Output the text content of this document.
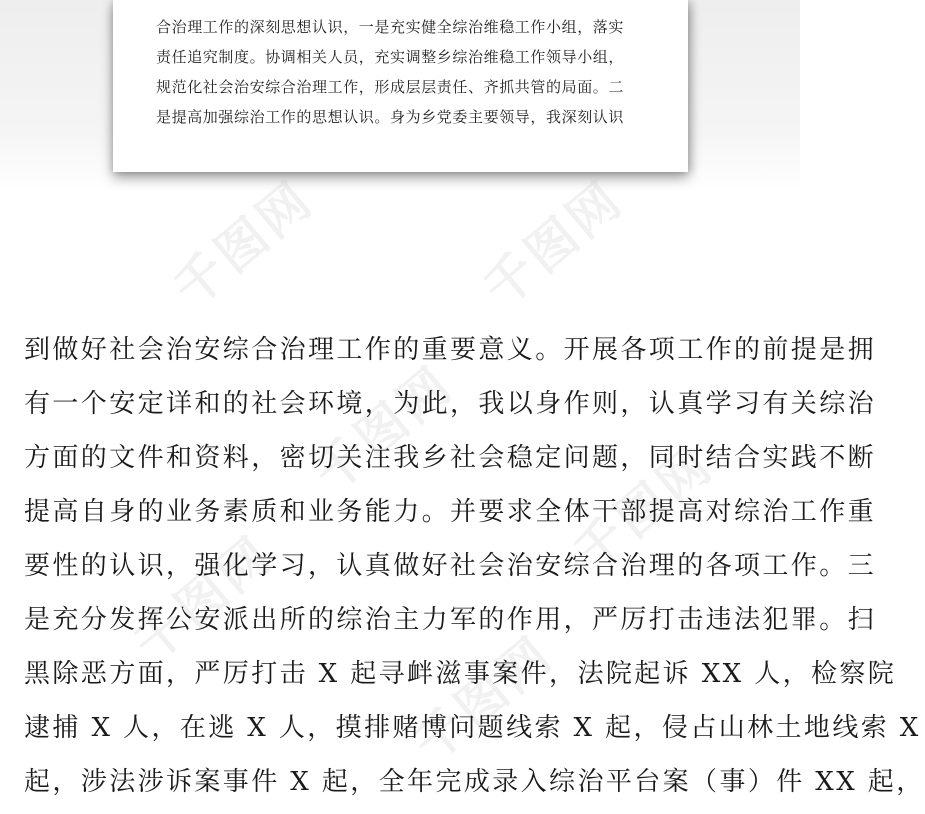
合治理工作的深刻思想认识，一是充实健全综治维稳工作小组，落实
责任追究制度。协调相关人员，充实调整乡综治维稳工作领导小组，
规范化社会治安综合治理工作，形成层层责任、齐抓共管的局面。二
是提高加强综治工作的思想认识。身为乡党委主要领导，我深刻认识
千图网	千图网
千图网
千图网
千图网
千图网
到做好社会治安综合治理工作的重要意义。开展各项工作的前提是拥
有一个安定详和的社会环境，为此，我以身作则，认真学习有关综治
方面的文件和资料，密切关注我乡社会稳定问题，同时结合实践不断
提高自身的业务素质和业务能力。并要求全体干部提高对综治工作重
要性的认识，强化学习，认真做好社会治安综合治理的各项工作。三
是充分发挥公安派出所的综治主力军的作用，严厉打击违法犯罪。扫
黑除恶方面，严厉打击 X 起寻衅滋事案件，法院起诉 XX 人，检察院
逮捕 X 人，在逃 X 人，摸排赌博问题线索 X 起，侵占山林土地线索 X
起，涉法涉诉案事件 X 起，全年完成录入综治平台案（事）件 XX 起，
